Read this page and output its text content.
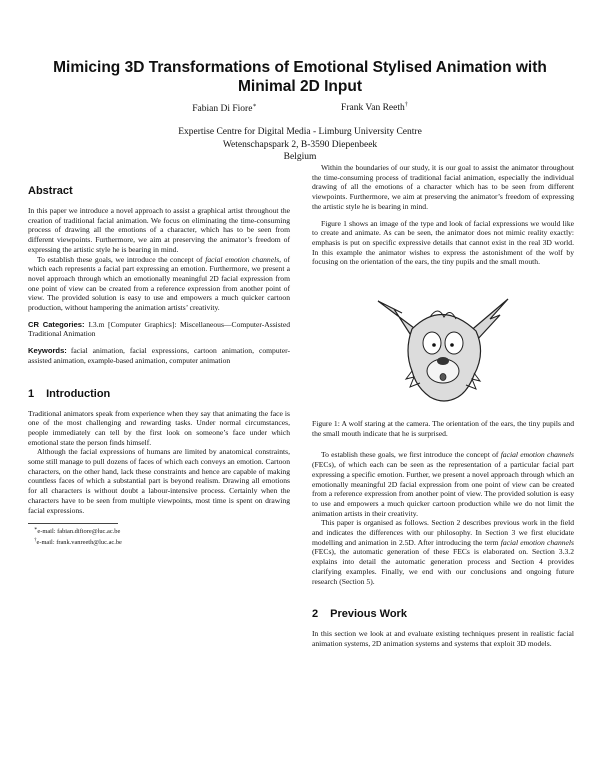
Mimicing 3D Transformations of Emotional Stylised Animation with Minimal 2D Input
Fabian Di Fiore∗	Frank Van Reeth†
Expertise Centre for Digital Media - Limburg University Centre
Wetenschapspark 2, B-3590 Diepenbeek
Belgium
Abstract

In this paper we introduce a novel approach to assist a graphical artist throughout the creation of traditional facial animation. We focus on eliminating the time-consuming process of drawing all the emotions of a character, which has to be seen from different viewpoints. Furthermore, we aim at preserving the animator’s freedom of expressing the artistic style he is bearing in mind.

To establish these goals, we introduce the concept of facial emotion channels, of which each represents a facial part expressing an emotion. Furthermore, we present a novel approach through which an emotionally meaningful 2D facial expression from one point of view can be created from a reference expression from another point of view. The provided solution is easy to use and empowers a much quicker cartoon production, without hampering the animation artists’ creativity.

CR Categories: I.3.m [Computer Graphics]: Miscellaneous—Computer-Assisted Traditional Animation

Keywords: facial animation, facial expressions, cartoon animation, computer-assisted animation, example-based animation, computer animation

1 Introduction

Traditional animators speak from experience when they say that animating the face is one of the most challenging and rewarding tasks. Under normal circumstances, people immediately can tell by the first look on someone’s face under which emotional state the person finds himself.

Although the facial expressions of humans are limited by anatomical constraints, some still manage to pull dozens of faces of which each conveys an emotion. Cartoon characters, on the other hand, lack these constraints and hence are capable of making countless faces of which a substantial part is beyond realism. Drawing all emotions for all characters is without doubt a labour-intensive process. Certainly when the characters have to be seen from multiple viewpoints, most time is spent on drawing facial expressions.

∗e-mail: fabian.difiore@luc.ac.be
†e-mail: frank.vanreeth@luc.ac.be

Within the boundaries of our study, it is our goal to assist the animator throughout the time-consuming process of traditional facial animation, especially the individual drawing of all the emotions of a character which has to be seen from different viewpoints. Furthermore, we aim at preserving the animator’s freedom of expressing the artistic style he is bearing in mind.

Figure 1 shows an image of the type and look of facial expressions we would like to create and animate. As can be seen, the animator does not mimic reality exactly: emphasis is put on specific expressive details that cannot exist in the real 3D world. In this example the animator wishes to express the astonishment of the wolf by focusing on the orientation of the ears, the tiny pupils and the small mouth.

Figure 1: A wolf staring at the camera. The orientation of the ears, the tiny pupils and the small mouth indicate that he is surprised.

To establish these goals, we first introduce the concept of facial emotion channels (FECs), of which each can be seen as the representation of a particular facial part expressing a specific emotion. Further, we present a novel approach through which an emotionally meaningful 2D facial expression from one point of view can be created from a reference expression from another point of view. The provided solution is easy to use and empowers a much quicker cartoon production while we do not limit the animation artists in their creativity.

This paper is organised as follows. Section 2 describes previous work in the field and indicates the differences with our philosophy. In Section 3 we first elucidate modelling and animation in 2.5D. After introducing the term facial emotion channels (FECs), the automatic generation of these FECs is elaborated on. Section 3.3.2 explains into detail the automatic generation process and Section 4 provides clarifying examples. Finally, we end with our conclusions and ongoing future research (Section 5).

2 Previous Work

In this section we look at and evaluate existing techniques present in realistic facial animation systems, 2D animation systems and systems that exploit 3D models.
